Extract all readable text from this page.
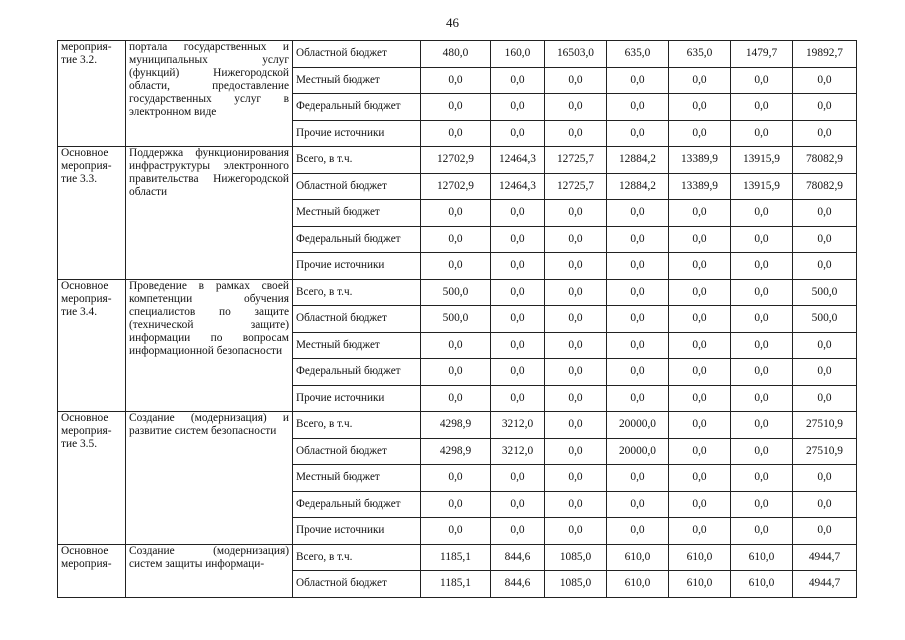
46
мероприя-тие 3.2.	портала государственных и муниципальных услуг (функций) Нижегородской области, предоставление государственных услуг в электронном виде	Областной бюджет	480,0	160,0	16503,0	635,0	635,0	1479,7	19892,7
		Местный бюджет	0,0	0,0	0,0	0,0	0,0	0,0	0,0
		Федеральный бюджет	0,0	0,0	0,0	0,0	0,0	0,0	0,0
		Прочие источники	0,0	0,0	0,0	0,0	0,0	0,0	0,0
Основное мероприя-тие 3.3.	Поддержка функционирования инфраструктуры электронного правительства Нижегородской области	Всего, в т.ч.	12702,9	12464,3	12725,7	12884,2	13389,9	13915,9	78082,9
		Областной бюджет	12702,9	12464,3	12725,7	12884,2	13389,9	13915,9	78082,9
		Местный бюджет	0,0	0,0	0,0	0,0	0,0	0,0	0,0
		Федеральный бюджет	0,0	0,0	0,0	0,0	0,0	0,0	0,0
		Прочие источники	0,0	0,0	0,0	0,0	0,0	0,0	0,0
Основное мероприя-тие 3.4.	Проведение в рамках своей компетенции обучения специалистов по защите (технической защите) информации по вопросам информационной безопасности	Всего, в т.ч.	500,0	0,0	0,0	0,0	0,0	0,0	500,0
		Областной бюджет	500,0	0,0	0,0	0,0	0,0	0,0	500,0
		Местный бюджет	0,0	0,0	0,0	0,0	0,0	0,0	0,0
		Федеральный бюджет	0,0	0,0	0,0	0,0	0,0	0,0	0,0
		Прочие источники	0,0	0,0	0,0	0,0	0,0	0,0	0,0
Основное мероприя-тие 3.5.	Создание (модернизация) и развитие систем безопасности	Всего, в т.ч.	4298,9	3212,0	0,0	20000,0	0,0	0,0	27510,9
		Областной бюджет	4298,9	3212,0	0,0	20000,0	0,0	0,0	27510,9
		Местный бюджет	0,0	0,0	0,0	0,0	0,0	0,0	0,0
		Федеральный бюджет	0,0	0,0	0,0	0,0	0,0	0,0	0,0
		Прочие источники	0,0	0,0	0,0	0,0	0,0	0,0	0,0
Основное мероприя-	Создание (модернизация) систем защиты информаци-	Всего, в т.ч.	1185,1	844,6	1085,0	610,0	610,0	610,0	4944,7
		Областной бюджет	1185,1	844,6	1085,0	610,0	610,0	610,0	4944,7
